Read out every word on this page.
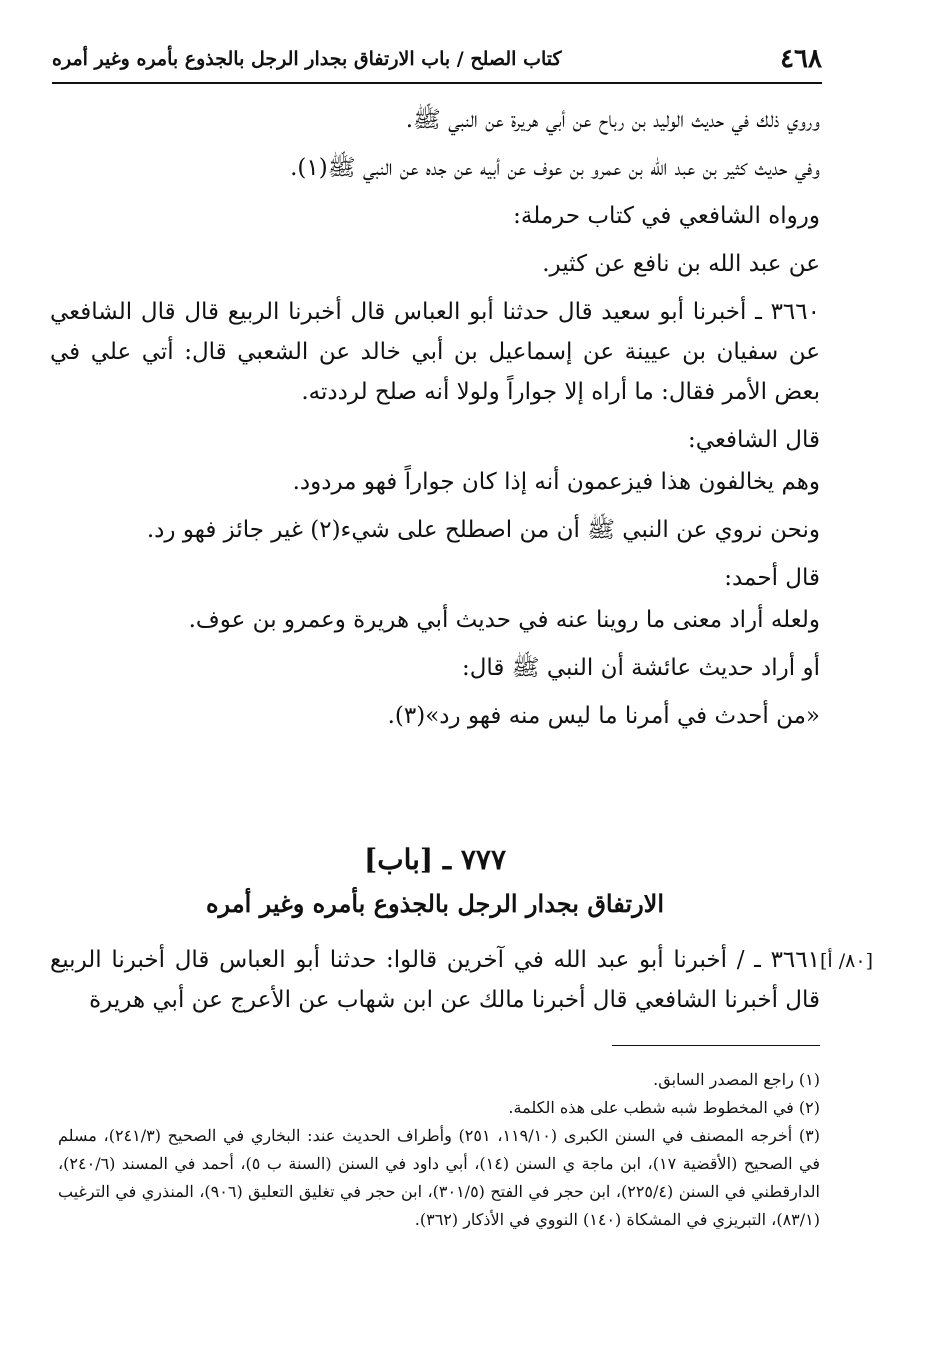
٤٦٨
كتاب الصلح / باب الارتفاق بجدار الرجل بالجذوع بأمره وغير أمره

وروي ذلك في حديث الوليد بن رباح عن أبي هريرة عن النبي ﷺ.

وفي حديث كثير بن عبد الله بن عمرو بن عوف عن أبيه عن جده عن النبي ﷺ(١).

ورواه الشافعي في كتاب حرملة:

عن عبد الله بن نافع عن كثير.

٣٦٦٠ ـ أخبرنا أبو سعيد قال حدثنا أبو العباس قال أخبرنا الربيع قال قال الشافعي عن سفيان بن عيينة عن إسماعيل بن أبي خالد عن الشعبي قال: أتي علي في بعض الأمر فقال: ما أراه إلا جواراً ولولا أنه صلح لرددته.

قال الشافعي:

وهم يخالفون هذا فيزعمون أنه إذا كان جواراً فهو مردود.

ونحن نروي عن النبي ﷺ أن من اصطلح على شيء(٢) غير جائز فهو رد.

قال أحمد:

ولعله أراد معنى ما روينا عنه في حديث أبي هريرة وعمرو بن عوف.

أو أراد حديث عائشة أن النبي ﷺ قال:

«من أحدث في أمرنا ما ليس منه فهو رد»(٣).

٧٧٧ ـ [باب]
الارتفاق بجدار الرجل بالجذوع بأمره وغير أمره
[٨٠/ أ]

٣٦٦١ ـ / أخبرنا أبو عبد الله في آخرين قالوا: حدثنا أبو العباس قال أخبرنا الربيع قال أخبرنا الشافعي قال أخبرنا مالك عن ابن شهاب عن الأعرج عن أبي هريرة

(١) راجع المصدر السابق.

(٢) في المخطوط شبه شطب على هذه الكلمة.

(٣) أخرجه المصنف في السنن الكبرى (١١٩/١٠، ٢٥١) وأطراف الحديث عند: البخاري في الصحيح (٢٤١/٣)، مسلم في الصحيح (الأقضية ١٧)، ابن ماجة ي السنن (١٤)، أبي داود في السنن (السنة ب ٥)، أحمد في المسند (٢٤٠/٦)، الدارقطني في السنن (٢٢٥/٤)، ابن حجر في الفتح (٣٠١/٥)، ابن حجر في تغليق التعليق (٩٠٦)، المنذري في الترغيب (٨٣/١)، التبريزي في المشكاة (١٤٠) النووي في الأذكار (٣٦٢).
